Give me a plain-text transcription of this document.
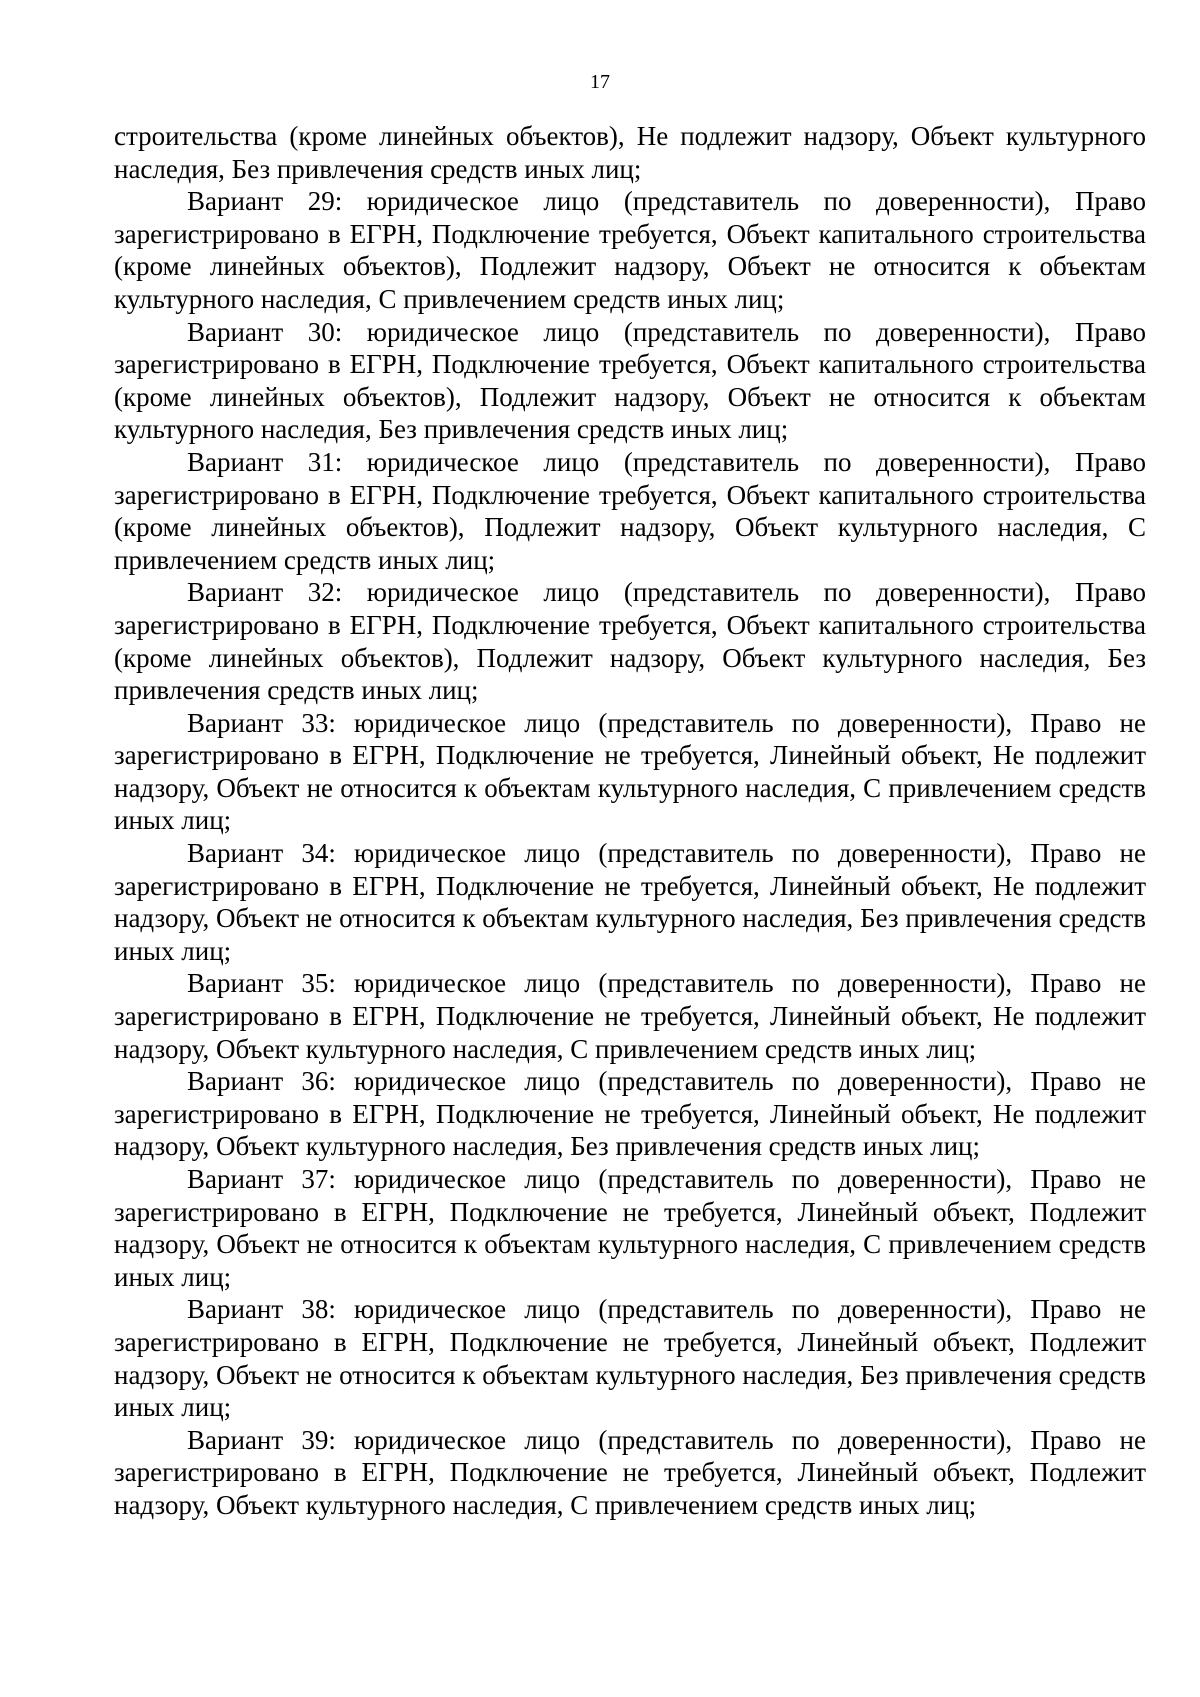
17

строительства (кроме линейных объектов), Не подлежит надзору, Объект культурного наследия, Без привлечения средств иных лиц;

Вариант 29: юридическое лицо (представитель по доверенности), Право зарегистрировано в ЕГРН, Подключение требуется, Объект капитального строительства (кроме линейных объектов), Подлежит надзору, Объект не относится к объектам культурного наследия, С привлечением средств иных лиц;

Вариант 30: юридическое лицо (представитель по доверенности), Право зарегистрировано в ЕГРН, Подключение требуется, Объект капитального строительства (кроме линейных объектов), Подлежит надзору, Объект не относится к объектам культурного наследия, Без привлечения средств иных лиц;

Вариант 31: юридическое лицо (представитель по доверенности), Право зарегистрировано в ЕГРН, Подключение требуется, Объект капитального строительства (кроме линейных объектов), Подлежит надзору, Объект культурного наследия, С привлечением средств иных лиц;

Вариант 32: юридическое лицо (представитель по доверенности), Право зарегистрировано в ЕГРН, Подключение требуется, Объект капитального строительства (кроме линейных объектов), Подлежит надзору, Объект культурного наследия, Без привлечения средств иных лиц;

Вариант 33: юридическое лицо (представитель по доверенности), Право не зарегистрировано в ЕГРН, Подключение не требуется, Линейный объект, Не подлежит надзору, Объект не относится к объектам культурного наследия, С привлечением средств иных лиц;

Вариант 34: юридическое лицо (представитель по доверенности), Право не зарегистрировано в ЕГРН, Подключение не требуется, Линейный объект, Не подлежит надзору, Объект не относится к объектам культурного наследия, Без привлечения средств иных лиц;

Вариант 35: юридическое лицо (представитель по доверенности), Право не зарегистрировано в ЕГРН, Подключение не требуется, Линейный объект, Не подлежит надзору, Объект культурного наследия, С привлечением средств иных лиц;

Вариант 36: юридическое лицо (представитель по доверенности), Право не зарегистрировано в ЕГРН, Подключение не требуется, Линейный объект, Не подлежит надзору, Объект культурного наследия, Без привлечения средств иных лиц;

Вариант 37: юридическое лицо (представитель по доверенности), Право не зарегистрировано в ЕГРН, Подключение не требуется, Линейный объект, Подлежит надзору, Объект не относится к объектам культурного наследия, С привлечением средств иных лиц;

Вариант 38: юридическое лицо (представитель по доверенности), Право не зарегистрировано в ЕГРН, Подключение не требуется, Линейный объект, Подлежит надзору, Объект не относится к объектам культурного наследия, Без привлечения средств иных лиц;

Вариант 39: юридическое лицо (представитель по доверенности), Право не зарегистрировано в ЕГРН, Подключение не требуется, Линейный объект, Подлежит надзору, Объект культурного наследия, С привлечением средств иных лиц;
